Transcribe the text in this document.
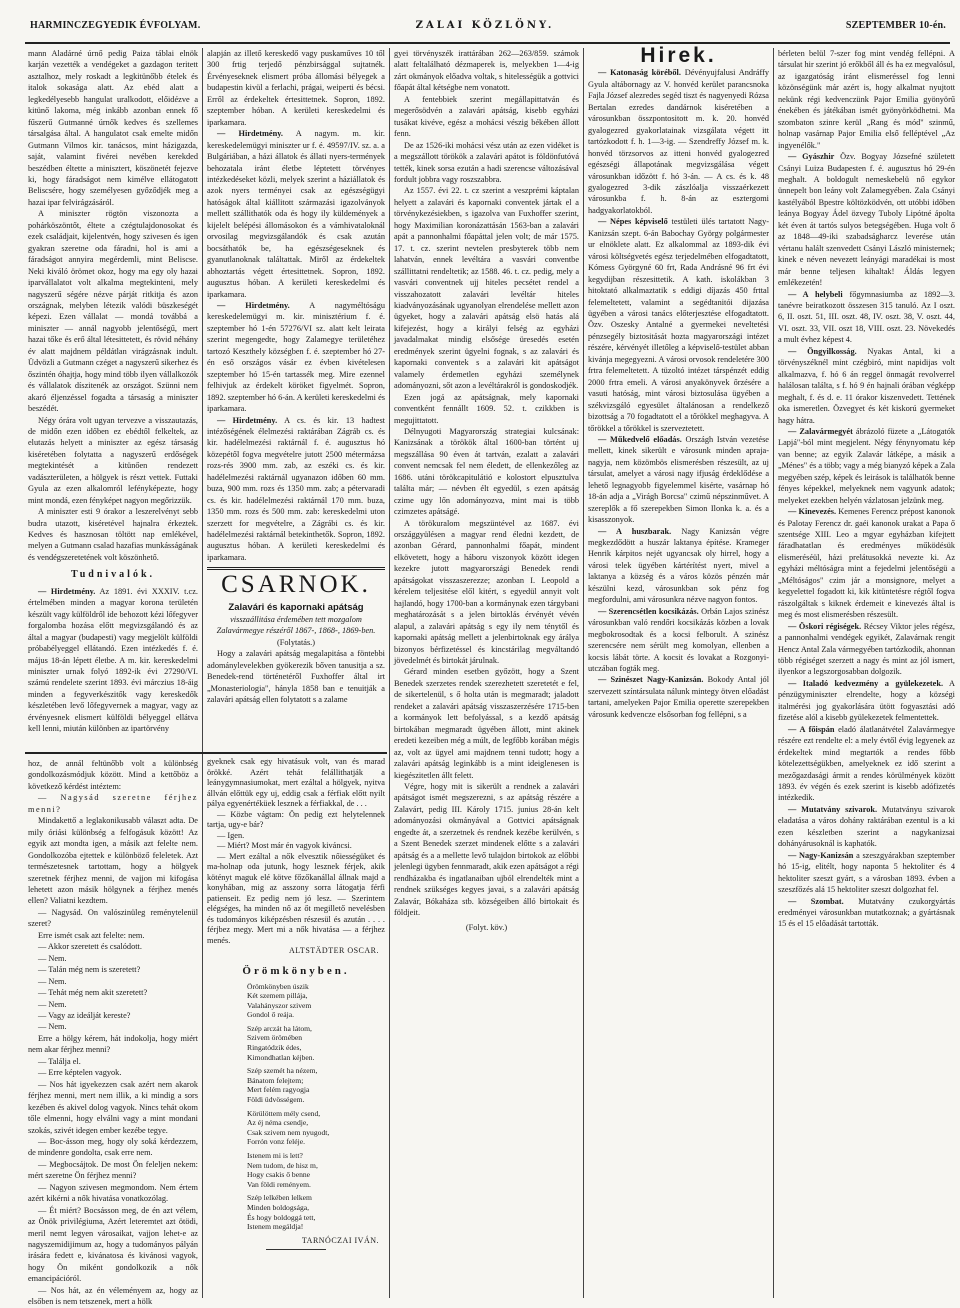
HARMINCZEGYEDIK ÉVFOLYAM.	ZALAI KÖZLÖNY.	SZEPTEMBER 10-én.

mann Aladárné úrnő pedig Paiza táblai elnök karján vezették a vendégeket a gazdagon teritett asztalhoz, mely roskadt a legkitünőbb ételek és italok sokasága alatt. Az ebéd alatt a legkedélyesebb hangulat uralkodott, előidézve a kitünő lakoma, még inkább azonban ennek fő fűszerű Gutmanné úrnők kedves és szellemes társalgása által. A hangulatot csak emelte midőn Gutmann Vilmos kir. tanácsos, mint házigazda, saját, valamint fivérei nevében kerekded beszédben éltette a minisztert, köszönetét fejezve ki, hogy fáradságot nem kimélve ellátogatott Beliscsére, hogy személyesen győződjék meg a hazai ipar felvirágzásáról.

A miniszter rögtön viszonozta a pohárköszöntőt, éltete a czégtulajdonosokat és ezek családjait, kijelentvén, hogy szivesen és igen gyakran szeretne oda fáradni, hol is ami a fáradságot annyira megérdemli, mint Beliscse. Neki kiváló örömet okoz, hogy ma egy oly hazai iparvállalatot volt alkalma megtekinteni, mely nagyszerű ségére nézve párját ritkitja és azon országnak, melyben létezik valódi büszkeségét képezi. Ezen vállalat — mondá továbbá a miniszter — annál nagyobb jelentőségű, mert hazai tőke és erő által létesittetett, és rövid néhány év alatt majdnem példátlan virágzásnak indult. Üdvözli a Gutmann czéget a nagyszerű sikerhez és őszintén óhajtja, hogy mind több ilyen vállalkozók és vállalatok díszitenék az országot. Szünni nem akaró éljenzéssel fogadta a társaság a miniszter beszédét.

Négy órára volt ugyan tervezve a visszautazás, de midőn ezen időben ez ebédtől felkeltek, az elutazás helyett a miniszter az egész társaság kiséretében folytatta a nagyszerű erdőségek megtekintését a kitünően rendezett vadászterületen, a hölgyek is részt vettek. Futtaki Gyula az ezen alkalomról lefényképezte, hogy mint mondá, ezen fényképet nagyon megőrizzük.

A miniszter esti 9 órakor a leszerelvényt sebb budra utazott, kiséretével hajnalra érkeztek. Kedves és hasznosan töltött nap emlékével, melyen a Gutmann csalad hazafias munkásságának és vendégszeretetének volt köszönhető.

Tudnivalók.

— Hirdetmény. Az 1891. évi XXXIV. t.cz. értelmében minden a magyar korona területén készült vagy külföldről ide behozott kézi lőfegyver forgalomba hozása előtt megvizsgálandó és az által a magyar (budapesti) vagy megjelölt külföldi próbabélyeggel ellátandó. Ezen intézkedés f. é. május 18-án lépett életbe. A m. kir. kereskedelmi miniszter urnak folyó 1892-ik évi 27290/VI. számú rendelete szerint 1893. évi márczius 18-áig minden a fegyverkészitők vagy kereskedők készletében levő lőfegyvernek a magyar, vagy az érvényesnek elismert külföldi bélyeggel ellátva kell lenni, miután különben az ipartörvény

alapján az illető kereskedő vagy puskaműves 10 től 300 frtig terjedő pénzbirsággal sujtatnék. Érvényeseknek elismert próba állomási bélyegek a budapestin kivül a ferlachi, prágai, weiperti és bécsi. Erről az érdekeltek értesittetnek. Sopron, 1892. szeptember hóban. A kerületi kereskedelmi és iparkamara.

— Hirdetmény. A nagym. m. kir. kereskedelemügyi miniszter ur f. é. 49597/IV. sz. a. a Bulgáriában, a házi állatok és állati nyers-termények behozatala iránt életbe léptetett törvényes intézkedéseket közli, melyek szerint a háziállatok és azok nyers terményei csak az egészségügyi hatóságok által kiállitott származási igazolványok mellett szállithatók oda és hogy ily küldemények a kijelelt belépési állomásokon és a vámhivataloknál orvosilag megvizsgálandók és csak azután bocsáthatók be, ha egészségeseknek és gyanutlanoknak találtattak. Miről az érdekeltek abhoztartás végett értesittetnek. Sopron, 1892. augusztus hóban. A kerületi kereskedelmi és iparkamara.

— Hirdetmény. A nagyméltóságu kereskedelemügyi m. kir. minisztérium f. é. szeptember hó 1-én 57276/VI sz. alatt kelt leirata szerint megengedte, hogy Zalamegye területéhez tartozó Keszthely községben f. é. szeptember hó 27-én eső országos vásár ez évben kivételesen szeptember hó 15-én tartassék meg. Mire ezennel felhivjuk az érdekelt köröket figyelmét. Sopron, 1892. szeptember hó 6-án. A kerületi kereskedelmi és iparkamara.

— Hirdetmény. A cs. és kir. 13 hadtest intézőségének élelmezési raktárában Zágráb cs. és kir. hadélelmezési raktárnál f. é. augusztus hó közepétől fogva megvételre jutott 2500 métermázsa rozs-rés 3900 mm. zab, az eszéki cs. és kir. hadélelmezési raktárnál ugyanazon időben 60 mm. buza, 900 mm. rozs és 1350 mm. zab; a pétervaradi cs. és kir. hadélelmezési raktárnál 170 mm. buza, 1350 mm. rozs és 500 mm. zab: kereskedelmi uton szerzett for megvételre, a Zágrábi cs. és kir. hadélelmezési raktárnál betekinthetők. Sopron, 1892. augusztus hóban. A kerületi kereskedelmi és iparkamara.

CSARNOK.
Zalavári és kapornaki apátság
visszaállitása érdemében tett mozgalom Zalavármegye részéről 1867-, 1868-, 1869-ben.
(Folytatás.)

Hogy a zalavári apátság megalapitása a föntebbi adománylevelekben gyökerezik bőven tanusitja a sz. Benedek-rend történetéről Fuxhoffer által irt „Monasteriologia", hányla 1858 ban e tenuitják a zalavári apátság ellen folytatott s a zalame

hoz, de annál feltünőbb volt a különbség gondolkozásmódjuk között. Mind a kettőböz a következő kérdést intéztem:

— Nagysád szeretne férjhez menni?

Mindakettő a leglakonikusabb választ adta. De mily óriási különbség a felfogásuk között! Az egyik azt mondta igen, a másik azt felelte nem. Gondolkozóba ejtettek e különböző feleletek. Azt természetesnek tartottam, hogy a hölgyek szeretnek férjhez menni, de vajjon mi kifogása lehetett azon másik hölgynek a férjhez menés ellen? Valiatni kezdtem.

— Nagysád. On valószinüleg reménytelenül szeret?

Erre ismét csak azt felelte: nem.

— Akkor szeretett és csalódott.

— Nem.

— Talán még nem is szeretett?

— Nem.

— Tehát még nem akit szeretett?

— Nem.

— Vagy az ideálját kereste?

— Nem.

Erre a hölgy kérem, hát indokolja, hogy miért nem akar férjhez menni?

— Találja el.

— Erre képtelen vagyok.

— Nos hát igyekezzen csak azért nem akarok férjhez menni, mert nem illik, a ki mindig a sors kezében és akivel dolog vagyok. Nincs tehát okom tőle elmenni, hogy elválni vagy a mint mondani szokás, szivét idegen ember kezébe tegye.

— Boc-ásson meg, hogy oly soká kérdezzem, de mindenre gondolta, csak erre nem.

— Megbocsájtok. De most Ön feleljen nekem: mért szeretne Ön férjhez menni?

— Nagyon szivesen megmondom. Nem értem azért kikérni a nők hivatása vonatkozólag.

— Ét miért? Bocsásson meg, de én azt vélem, az Önök privilégiuma, Azért leteremtet azt ötödi, meril nemt legyen városaikat, vajjon lehet-e az nagyszemidijimum az, hogy a tudományos pályán irására fedett e, kivánatosa és kivánosi vagyok, hogy Ön miként gondolkozik a nők emancipációról.

— Nos hát, az én véleményem az, hogy az elsőben is nem tetszenek, mert a hölk

gyeknek csak egy hivatásuk volt, van és marad örökké. Azért tehát felállithatják a leánygymnasiumokat, mert ezáltal a hölgyek, nyitva állván előttük egy uj, eddig csak a férfiak előtt nyilt pálya egyenértéküek lesznek a férfiakkal, de . . .

— Közbe vágtam: Ön pedig ezt helytelennek tartja, ugy-e bár?

— Igen.

— Miért? Most már én vagyok kiváncsi.

— Mert ezáltal a nők elvesztik nőiességüket és ma-holnap oda jutunk, hogy lesznek férjek, akik kötényt maguk elé kötve főzőkanállal állnak majd a konyhában, mig az asszony sorra látogatja férfi patienseit. Ez pedig nem jó lesz. — Szerintem elégséges, ha minden nő az őt megillető nevelésben és tudományos kiképzésben részesül és azután . . . . férjbez megy. Mert mi a nők hivatása — a férjhez menés.

ALTSTÄDTER OSCAR.
Örömkönyben.
Örömkönyben úszik
Két szemem pillája,
Valahányszor szivem
Gondol ő reája.
Szép arczát ha látom,
Szivem örömében
Ringatódzik édes,
Kimondhatlan kéjben.
Szép szemét ha nézem,
Bánatom felejtem;
Mert felém ragyogja
Földi üdvösségem.
Körülöttem mély csend,
Az éj néma csendje,
Csak szivem nem nyugodt,
Forrón vonz feléje.
Istenem mi is lett?
Nem tudom, de hisz m,
Hogy csakis ő benne
Van földi reményem.
Szép lelkében lelkem
Minden boldogsága,
És hogy boldoggá tett,
Istenem megáldja!
TARNÓCZAI IVÁN.

gyei törvényszék irattárában 262—263/859. számok alatt feltalálható dézmaperek is, melyekben 1—4-ig zárt okmányok előadva voltak, s hitelességük a gottvici főapát által kétségbe nem vonatott.

A fentebbiek szerint megállapittatván és megerősödvén a zalavári apátság, kisebb egyházi tusákat kivéve, egész a mohácsi vészig békében állott fenn.

De az 1526-iki mohácsi vész után az ezen vidéket is a megszállott törökök a zalavári apátot is földönfutóvá tették, kinek sorsa ezután a hadi szerencse változásával fordult jobbra vagy roszszabbra.

Az 1557. évi 22. t. cz szerint a veszprémi káptalan helyett a zalavári és kapornaki conventek jártak el a törvénykezésiekben, s igazolva van Fuxhoffer szerint, hogy Maximilian koronázattásán 1563-ban a zalavári apát a pannonhalmi főapáttal jelen volt; de már 1575. 17. t. cz. szerint nevtelen presbyterek több nem lahatván, ennek levéltára a vasvári conventbe szállittatni rendeltetik; az 1588. 46. t. cz. pedig, mely a vasvári conventnek ujj hiteles pecsétet rendel a visszahozatott zalavári levéltár hiteles kiadványozásának ugyanolyan elrendelése mellett azon ügyeket, hogy a zalavári apátság elsö hatás alá kifejezést, hogy a királyi felség az egyházi javadalmakat mindig elsősége üresedés esetén eredmények szerint ügyelni fognak, s az zalavári és kapornaki conventek s a zalavári kit apátságot valamely érdemetlen egyházi személynek adományozni, sőt azon a levéltárakról is gondoskodjék.

Ezen jogá az apátságnak, mely kapornaki conventként fennállt 1609. 52. t. czikkben is megujittatott.

Délnyugoti Magyarország strategiai kulcsának: Kanizsának a törökök által 1600-ban történt uj megszállása 90 éven át tartván, ezalatt a zalavári convent nemcsak fel nem éledett, de ellenkezőleg az 1686. utáni törökcapitulátió e kolostort elpusztulva találta már; — névben élt egyedül, s ezen apátság czime ugy lőn adományozva, mint mai is több czimzetes apátságé.

A törökuralom megszüntével az 1687. évi országgyülésen a magyar rend éledni kezdett, de azonban Gérard, pannonhalmi főapát, mindent elkövetett, hogy a háboru viszonyok között idegen kezekre jutott magyarországi Benedek rendi apátságokat visszaszerezze; azonban I. Leopold a kérelem teljesitése elől kitért, s egyedül annyit volt hajlandó, hogy 1700-ban a kormánynak ezen tárgybani meghatározását s a jelen birtoklás érvényét vévén alapul, a zalavári apátság s egy ily nem ténytől és kapornaki apátság mellett a jelenbirtoknak egy árálya bizonyos bérfizetéssel és kincstárilag megváltandó jövedelmét és birtokát járulnak.

Gérard minden esetben győzött, hogy a Szent Benedek szerzetes rendek szerezhetett szeretetét e fel, de sikertelenül, s ő holta után is megmaradt; jaladott rendeket a zalavári apátság visszaszerzésére 1715-ben a kormányok lett befolyással, s a kezdő apátság birtokában megmaradt ügyében állott, mint akinek eredeti kezeiben még a múlt, de legfőbb korában mégis az, volt az ügyel ami majdnem tenni tudott; hogy a zalavári apátság leginkább is a mint ideiglenesen is kiegészitetlen állt felett.

Végre, hogy mit is sikerült a rendnek a zalavári apátságot ismét megszerezni, s az apátság részére a Zalavárt, pedig III. Károly 1715. junius 28-án kelt adományozási okmányával a Gottvici apátságnak engedte át, a szerzetnek és rendnek kezébe kerülvén, s a Szent Benedek szerzet mindenek előtte s a zalavári apátság és a a mellette levő tulajdon birtokok az előbbi jelenlegi ügyben fennmaradt, akik ezen apátságot a régi rendházakba és ingatlanaiban ujból elrendelték mint a rendnek szükséges kegyes javai, s a zalavári apátság Zalavár, Bókaháza stb. községeiben álló birtokait és földjeit.

(Folyt. köv.)
Hirek.

— Katonaság köréből. Dévényujfalusi Andráffy Gyula altábornagy az V. honvéd kerület parancsnoka Fajla József alezredes segéd tiszt és nagyenyedi Rózsa Bertalan ezredes dandárnok kiséretében a városunkban összpontositott m. k. 20. honvéd gyalogezred gyakorlatainak vizsgálata végett itt tartózkodott f. h. 1—3-ig. — Szendreffy József m. k. honvéd törzsorvos az itteni honvéd gyalogezred egészségi állapotának megvizsgálása végett városunkban időzött f. hó 3-án. — A cs. és k. 48 gyalogezred 3-dik zászlóalja visszaérkezett városunkba f. h. 8-án az esztergomi hadgyakorlatokból.

— Népes képviselő testületi ülés tartatott Nagy-Kanizsán szept. 6-án Babochay György polgármester ur elnöklete alatt. Ez alkalommal az 1893-dik évi városi költségvetés egész terjedelmében elfogadtatott, Kómess Györgyné 60 frt, Rada Andrásné 96 frt évi kegydijban részesittetik. A kath. iskolákban 3 hitoktató alkalmaztatik s eddigi díjazás 450 frttal felemeltetett, valamint a segédtanitói dijazása ügyében a városi tanács előterjesztése elfogadtatott. Özv. Oszesky Antalné a gyermekei neveltetési pénzsegély biztositását hozta magyarországi intézet részére, kérvényét illetőleg a képviselő-testület abban kivánja megegyezni. A városi orvosok rendeletére 300 frtra felemeltetett. A tüzoltó intézet társpénzét eddig 2000 frtra emeli. A városi anyakönyvek őrzésére a vasuti hatóság, mint városi biztosulása ügyében a székvizsgáló egyesület általánosan a rendelkező bizottság a 70 fogadtatott el a tőrökkel meghagyva. A tőrökkel a tőrökkel is szerveztetett.

— Műkedvelő előadás. Országh István vezetése mellett, kinek sikerült e városunk minden apraja-nagyja, nem közömbös elismerésben részesült, az uj társulat, amelyet a városi nagy ifjuság érdeklődése a lehető legnagyobb figyelemmel kisérte, vasárnap hó 18-án adja a „Virágh Borcsa" czimű népszinművet. A szereplők a fő szerepekben Simon Ilonka k. a. és a kisasszonyok.

— A huszbarak. Nagy Kanizsán végre megkezdődött a huszár laktanya építése. Krameger Henrik kárpitos nejét ugyancsak oly hirrel, hogy a városi telek ügyében kártérítést nyert, mivel a laktanya a község és a város közös pénzén már készülni kezd, városunkban sok pénz fog megfordulni, ami városunkra nézve nagyon fontos.

— Szerencsétlen kocsikázás. Orbán Lajos szinész városunkban való rendőri kocsikázás közben a lovak megbokrosodtak és a kocsi felborult. A szinész szerencsére nem sérült meg komolyan, ellenben a kocsis lábát törte. A kocsit és lovakat a Rozgonyi-utczában fogták meg.

— Szinészet Nagy-Kanizsán. Bokody Antal jól szervezett színtársulata nálunk mintegy ötven előadást tartani, amelyeken Pajor Emilia operette szerepekben városunk kedvencze elsősorban fog fellépni, s a

bérleten belül 7-szer fog mint vendég fellépni. A társulat hir szerint jó erőkből áll és ha ez megvalósul, az igazgatóság iránt elismeréssel fog lenni közönségünk már azért is, hogy alkalmat nyujtott nekünk régi kedvenczünk Pajor Emilia gyönyörű énekében és játékában ismét gyönyörködhetni. Ma szombaton szinre kerül „Rang és mód" szinmű, holnap vasárnap Pajor Emilia első felléptével „Az ingyenélők."

— Gyászhir Özv. Bogyay Józsefné született Csányi Luiza Budapesten f. é. augusztus hó 29-én meghalt. A boldogult nemeskebelü nő egykor ünnepelt bon leány volt Zalamegyében. Zala Csányi kastélyából Bpestre költözködvén, ott utóbbi időben leánya Bogyay Ádel özvegy Tuboly Lipótné ápolta két éven át tartós sulyos betegségében. Huga volt ő az 1848—49-iki szabadságharcz leverése után vértanu halált szenvedett Csányi László ministernek; kinek e néven nevezett leányági maradékai is most már benne teljesen kihaltak! Áldás legyen emlékezetén!

— A helybeli főgymnasiumba az 1892—3. tanévre beiratkozott összesen 315 tanuló. Az I oszt. 6, II. oszt. 51, III. oszt. 48, IV. oszt. 38, V. oszt. 44, VI. oszt. 33, VII. oszt 18, VIII. oszt. 23. Növekedés a mult évhez képest 4.

— Öngyilkosság. Nyakas Antal, ki a törvényszéknél mint czégbiró, mint napidijas volt alkalmazva, f. hó 6 án reggel önmagát revolverrel halálosan találta, s f. hó 9 én hajnali órában végképp meghalt, f. és d. e. 11 órakor kiszenvedett. Tettének oka ismeretlen. Özvegyet és két kiskorú gyermeket hagy hátra.

— Zalavármegyét ábrázoló füzete a „Látogatók Lapjá"-ból mint megjelent. Négy fénynyomatu kép van benne; az egyik Zalavár látképe, a másik a „Ménes" és a több; vagy a még bianyzó képek a Zala megyében szép, képek és leirások is találhatók benne fényes képekkel, melyeknek nem vagyunk adatok; melyeket ezekben helyén vázlatosan jelzünk meg.

— Kinevezés. Kemenes Ferencz prépost kanonok és Palotay Ferencz dr. gaéi kanonok urakat a Papa ő szentsége XIII. Leo a mgyar egyházban kifejtett fáradhatatlan és eredményes működésük elismeréséül, házi prelátusokká nevezte ki. Az egyházi méltóságra mint a fejedelmi jelentőségü a „Méltóságos" czim jár a monsignore, melyet a kegyelettel fogadott ki, kik kitüntetésre régtől fogva rászolgáltak s kiknek érdemeit e kinevezés által is meg és most elismerésben részesült.

— Öskori régiségek. Récsey Viktor jeles régész, a pannonhalmi vendégek egyikét, Zalavárnak rengit Hencz Antal Zala vármegyében tartózkodik, ahonnan több régiséget szerzett a nagy és mint az jól ismert, ilyenkor a legszorgosabban dolgozik.

— Italadó kedvezmény a gyülekezetek. A pénzügyminiszter elrendelte, hogy a községi italmérési jog gyakorlására ütött fogyasztási adó fizetése alól a kisebb gyülekezetek felmentettek.

— A főispán eladó álatlanátvétel Zalavármegye részére ezt rendelte el: a mely évtől évig legyenek az érdekeltek mind megtartók a rendes főbb kötelezettségükben, amelyeknek ez idő szerint a mezőgazdasági ármit a rendes körülmények között 1893. év végén és ezek szerint is kisebb adófizetés intézkedik.

— Mutatvány szivarok. Mutatványu szivarok eladatása a város dohány raktárában ezentul is a ki ezen készletben szerint a nagykanizsai dohányárusoknál is kaphatók.

— Nagy-Kanizsán a szeszgyárakban szeptember hó 15-ig, elitélt, hogy naponta 5 hektoliter és 4 hektoliter szeszt gyárt, s a városban 1893. évben a szeszfőzés alá 15 hektoliter szeszt dolgozhat fel.

— Szombat. Mutatvány czukorgyártás eredményei városunkban mutatkoznak; a gyártásnak 15 és el 15 előadását tartották.
